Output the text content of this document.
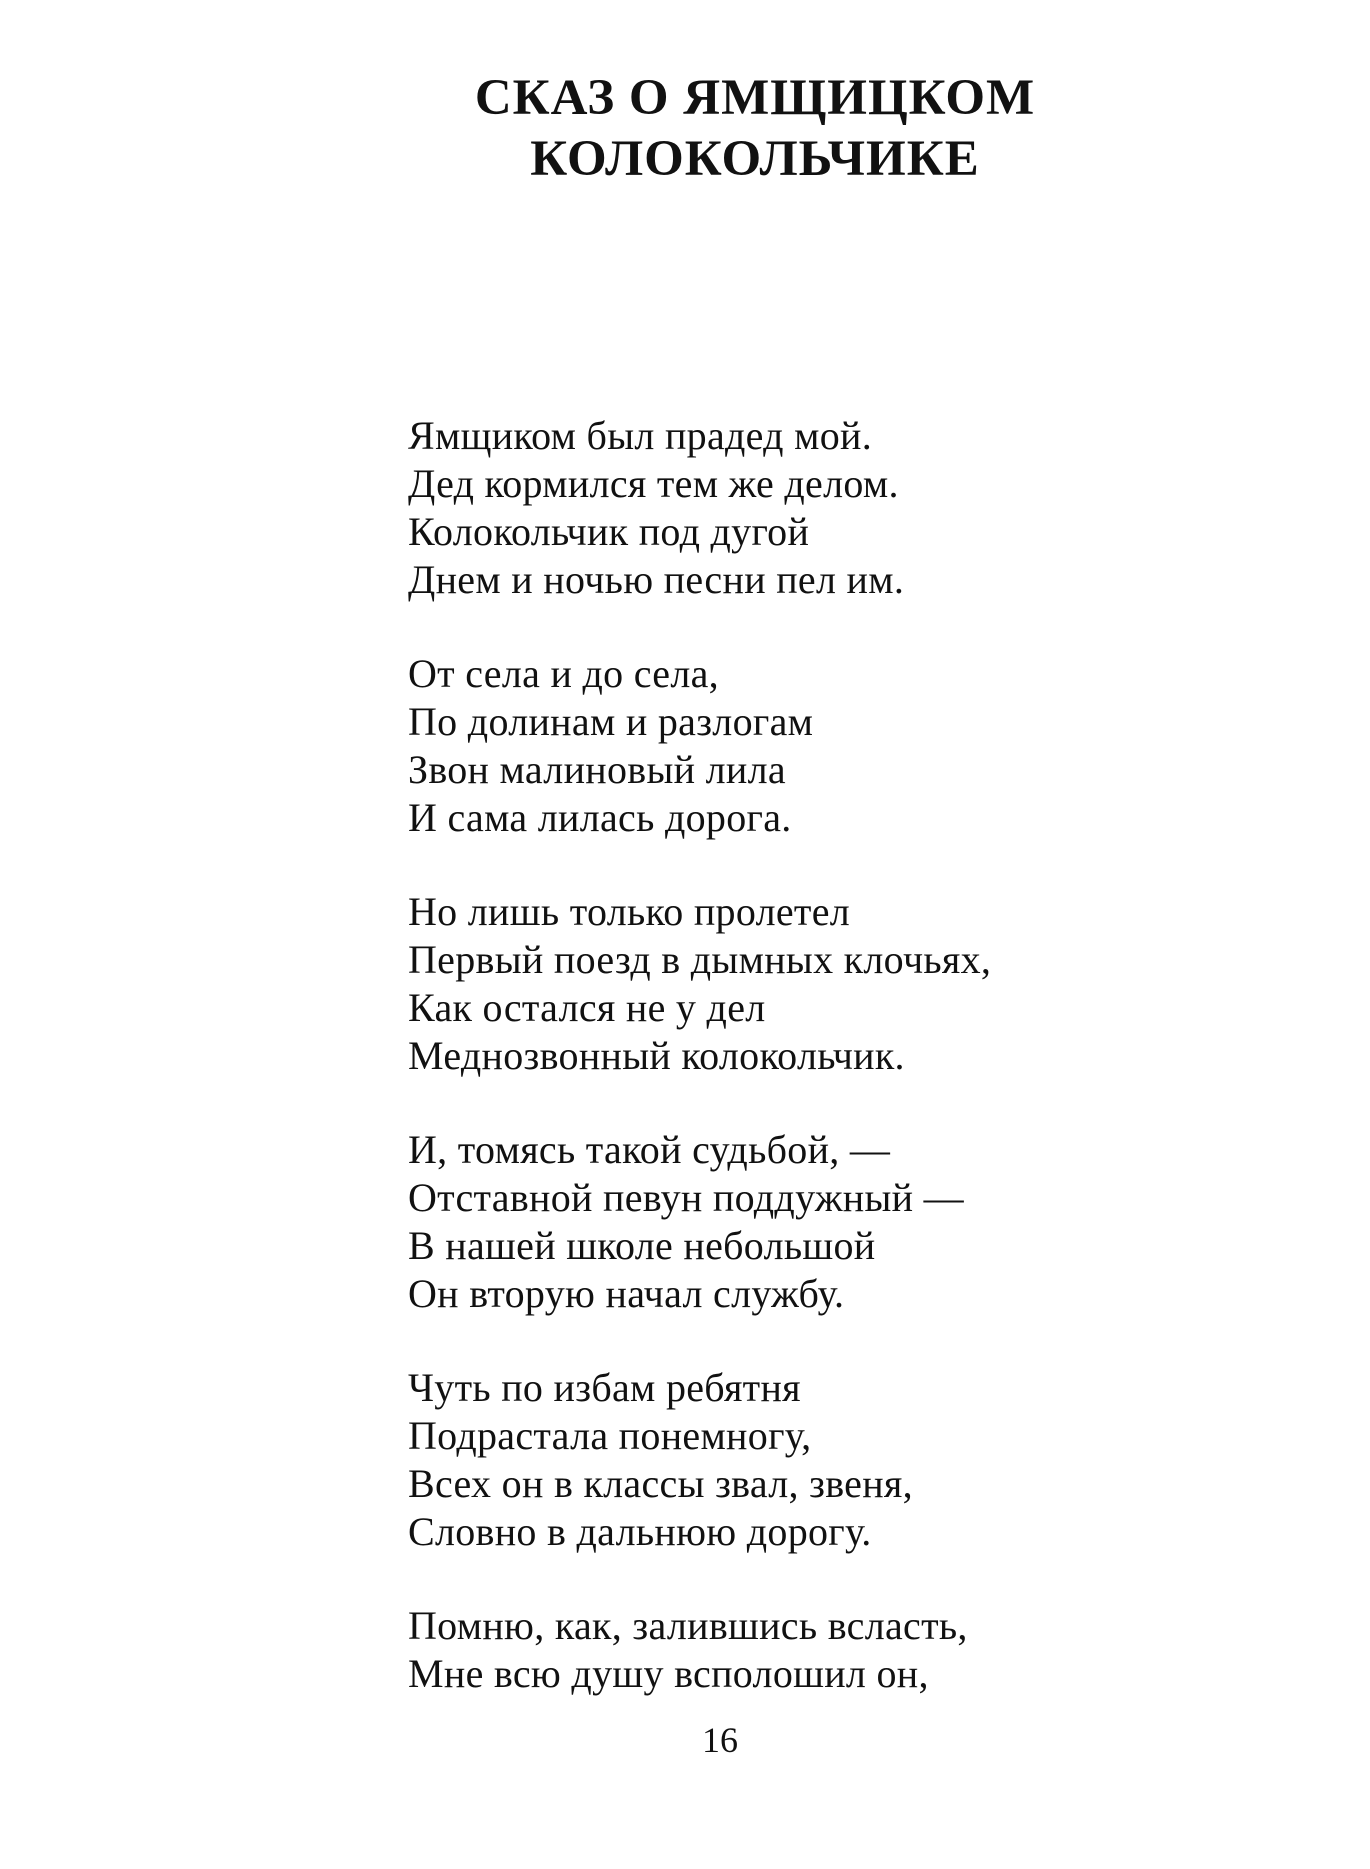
СКАЗ О ЯМЩИЦКОМ
КОЛОКОЛЬЧИКЕ
Ямщиком был прадед мой.
Дед кормился тем же делом.
Колокольчик под дугой
Днем и ночью песни пел им.
От села и до села,
По долинам и разлогам
Звон малиновый лила
И сама лилась дорога.
Но лишь только пролетел
Первый поезд в дымных клочьях,
Как остался не у дел
Меднозвонный колокольчик.
И, томясь такой судьбой, —
Отставной певун поддужный —
В нашей школе небольшой
Он вторую начал службу.
Чуть по избам ребятня
Подрастала понемногу,
Всех он в классы звал, звеня,
Словно в дальнюю дорогу.
Помню, как, залившись всласть,
Мне всю душу всполошил он,
16
